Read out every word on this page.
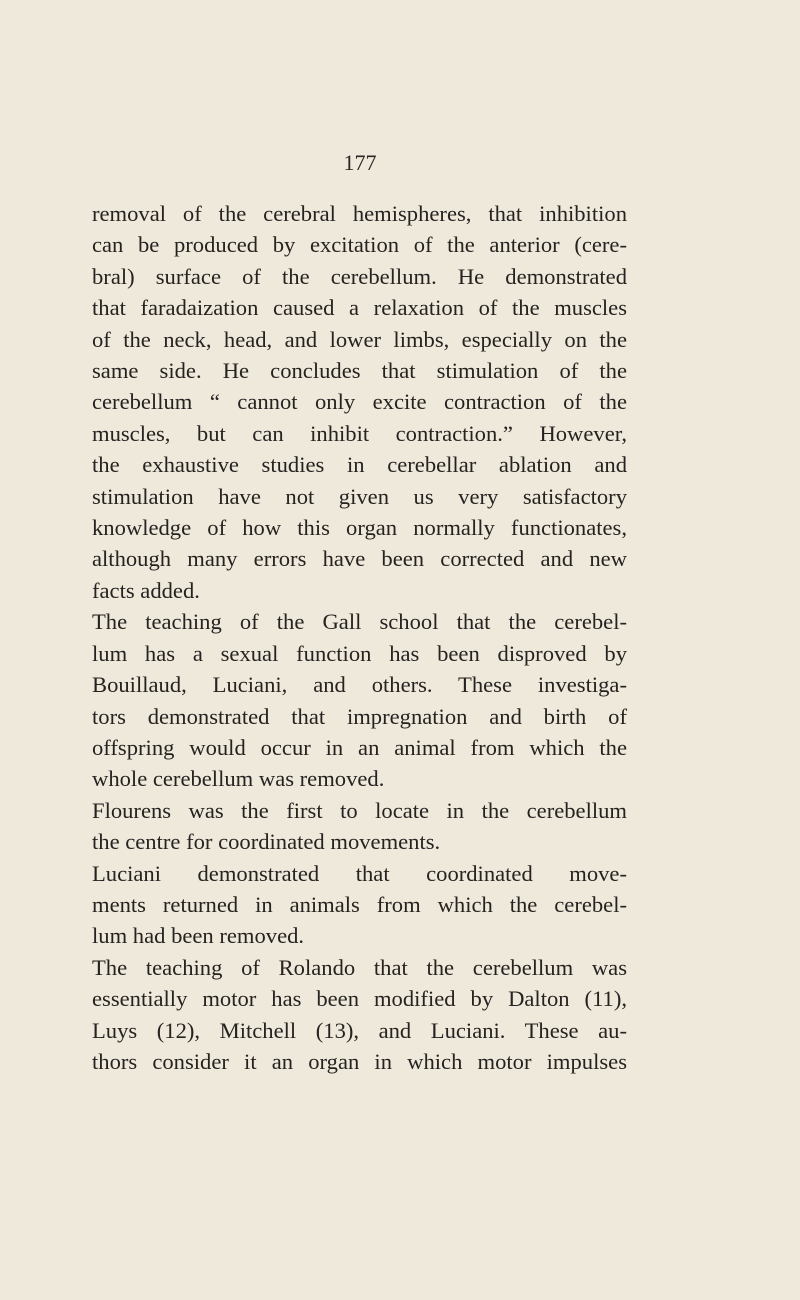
177

removal of the cerebral hemispheres, that inhibition
can be produced by excitation of the anterior (cere-
bral) surface of the cerebellum. He demonstrated
that faradaization caused a relaxation of the muscles
of the neck, head, and lower limbs, especially on the
same side. He concludes that stimulation of the
cerebellum “ cannot only excite contraction of the
muscles, but can inhibit contraction.” However,
the exhaustive studies in cerebellar ablation and
stimulation have not given us very satisfactory
knowledge of how this organ normally functionates,
although many errors have been corrected and new
facts added.

The teaching of the Gall school that the cerebel-
lum has a sexual function has been disproved by
Bouillaud, Luciani, and others. These investiga-
tors demonstrated that impregnation and birth of
offspring would occur in an animal from which the
whole cerebellum was removed.

Flourens was the first to locate in the cerebellum
the centre for coordinated movements.

Luciani demonstrated that coordinated move-
ments returned in animals from which the cerebel-
lum had been removed.

The teaching of Rolando that the cerebellum was
essentially motor has been modified by Dalton (11),
Luys (12), Mitchell (13), and Luciani. These au-
thors consider it an organ in which motor impulses
